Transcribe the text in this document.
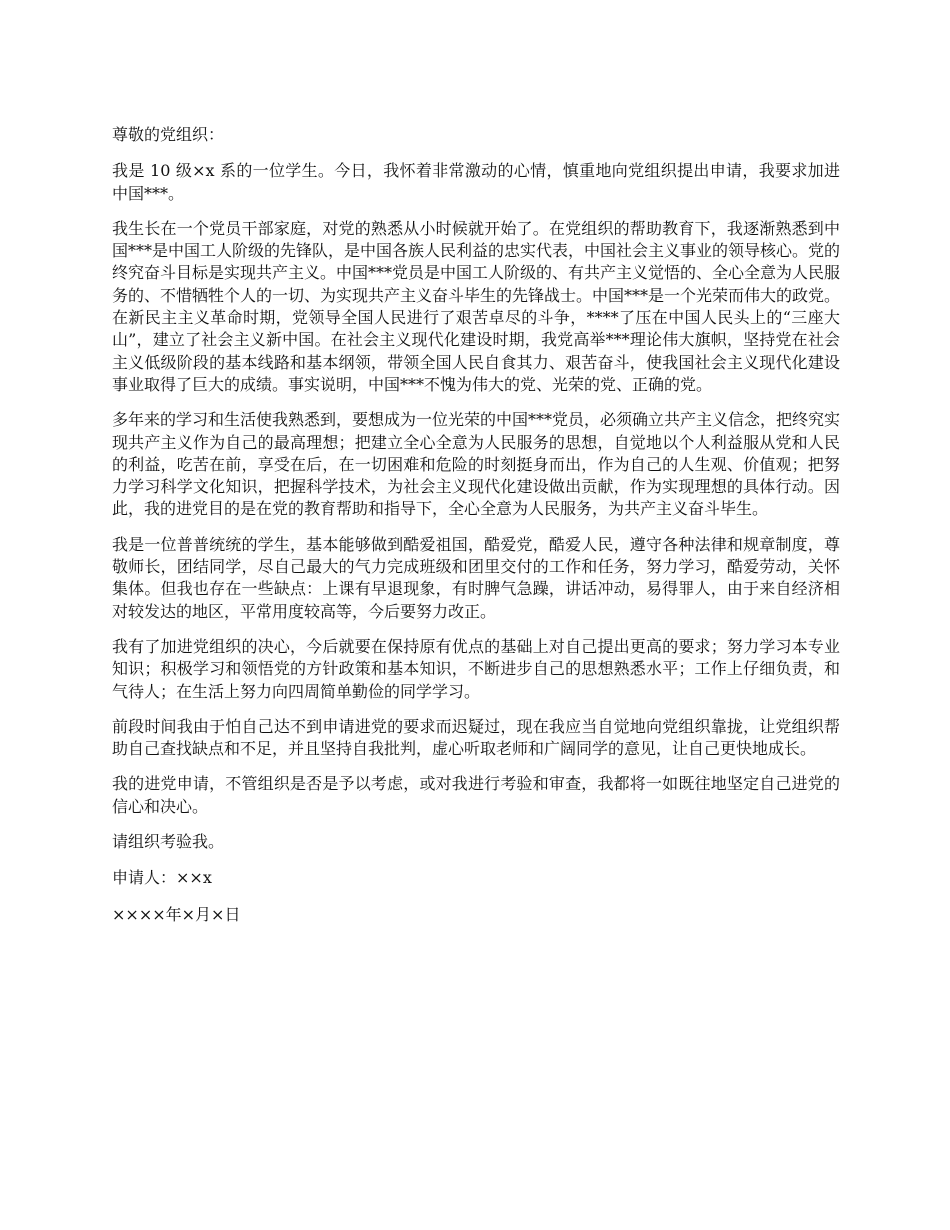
尊敬的党组织：

我是 10 级×x 系的一位学生。今日，我怀着非常激动的心情，慎重地向党组织提出申请，我要求加进中国***。

我生长在一个党员干部家庭，对党的熟悉从小时候就开始了。在党组织的帮助教育下，我逐渐熟悉到中国***是中国工人阶级的先锋队，是中国各族人民利益的忠实代表，中国社会主义事业的领导核心。党的终究奋斗目标是实现共产主义。中国***党员是中国工人阶级的、有共产主义觉悟的、全心全意为人民服务的、不惜牺牲个人的一切、为实现共产主义奋斗毕生的先锋战士。中国***是一个光荣而伟大的政党。在新民主主义革命时期，党领导全国人民进行了艰苦卓尽的斗争，****了压在中国人民头上的“三座大山”，建立了社会主义新中国。在社会主义现代化建设时期，我党高举***理论伟大旗帜，坚持党在社会主义低级阶段的基本线路和基本纲领，带领全国人民自食其力、艰苦奋斗，使我国社会主义现代化建设事业取得了巨大的成绩。事实说明，中国***不愧为伟大的党、光荣的党、正确的党。

多年来的学习和生活使我熟悉到，要想成为一位光荣的中国***党员，必须确立共产主义信念，把终究实现共产主义作为自己的最高理想；把建立全心全意为人民服务的思想，自觉地以个人利益服从党和人民的利益，吃苦在前，享受在后，在一切困难和危险的时刻挺身而出，作为自己的人生观、价值观；把努力学习科学文化知识，把握科学技术，为社会主义现代化建设做出贡献，作为实现理想的具体行动。因此，我的进党目的是在党的教育帮助和指导下，全心全意为人民服务，为共产主义奋斗毕生。

我是一位普普统统的学生，基本能够做到酷爱祖国，酷爱党，酷爱人民，遵守各种法律和规章制度，尊敬师长，团结同学，尽自己最大的气力完成班级和团里交付的工作和任务，努力学习，酷爱劳动，关怀集体。但我也存在一些缺点：上课有早退现象，有时脾气急躁，讲话冲动，易得罪人，由于来自经济相对较发达的地区，平常用度较高等，今后要努力改正。

我有了加进党组织的决心，今后就要在保持原有优点的基础上对自己提出更高的要求；努力学习本专业知识；积极学习和领悟党的方针政策和基本知识，不断进步自己的思想熟悉水平；工作上仔细负责，和气待人；在生活上努力向四周简单勤俭的同学学习。

前段时间我由于怕自己达不到申请进党的要求而迟疑过，现在我应当自觉地向党组织靠拢，让党组织帮助自己查找缺点和不足，并且坚持自我批判，虚心听取老师和广阔同学的意见，让自己更快地成长。

我的进党申请，不管组织是否是予以考虑，或对我进行考验和审查，我都将一如既往地坚定自己进党的信心和决心。

请组织考验我。

申请人：××x

××××年×月×日
